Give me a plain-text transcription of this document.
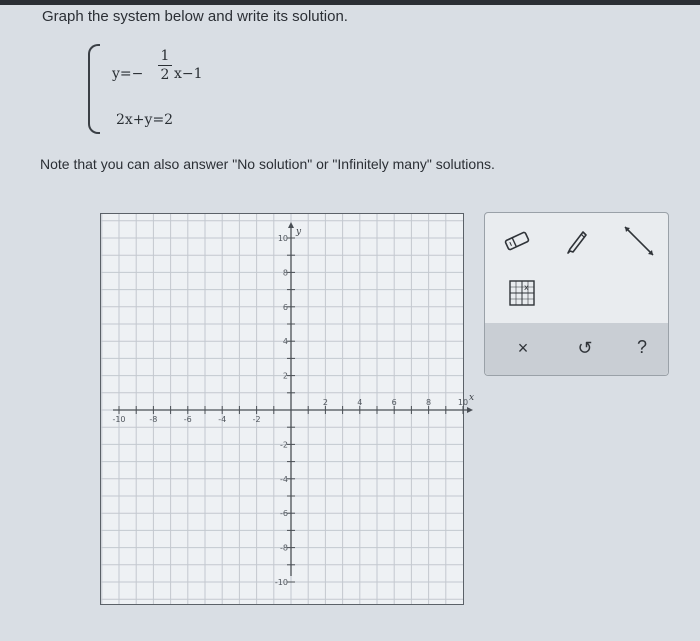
Graph the system below and write its solution.
y=−
1
2 x−1
2x+y=2
Note that you can also answer "No solution" or "Infinitely many" solutions.
x
y
-10	-8	-6	-4	-2
2	4	6	8	10
10
8
6
4
2
-2
-4
-6
-8
-10
x
×	↺	?
